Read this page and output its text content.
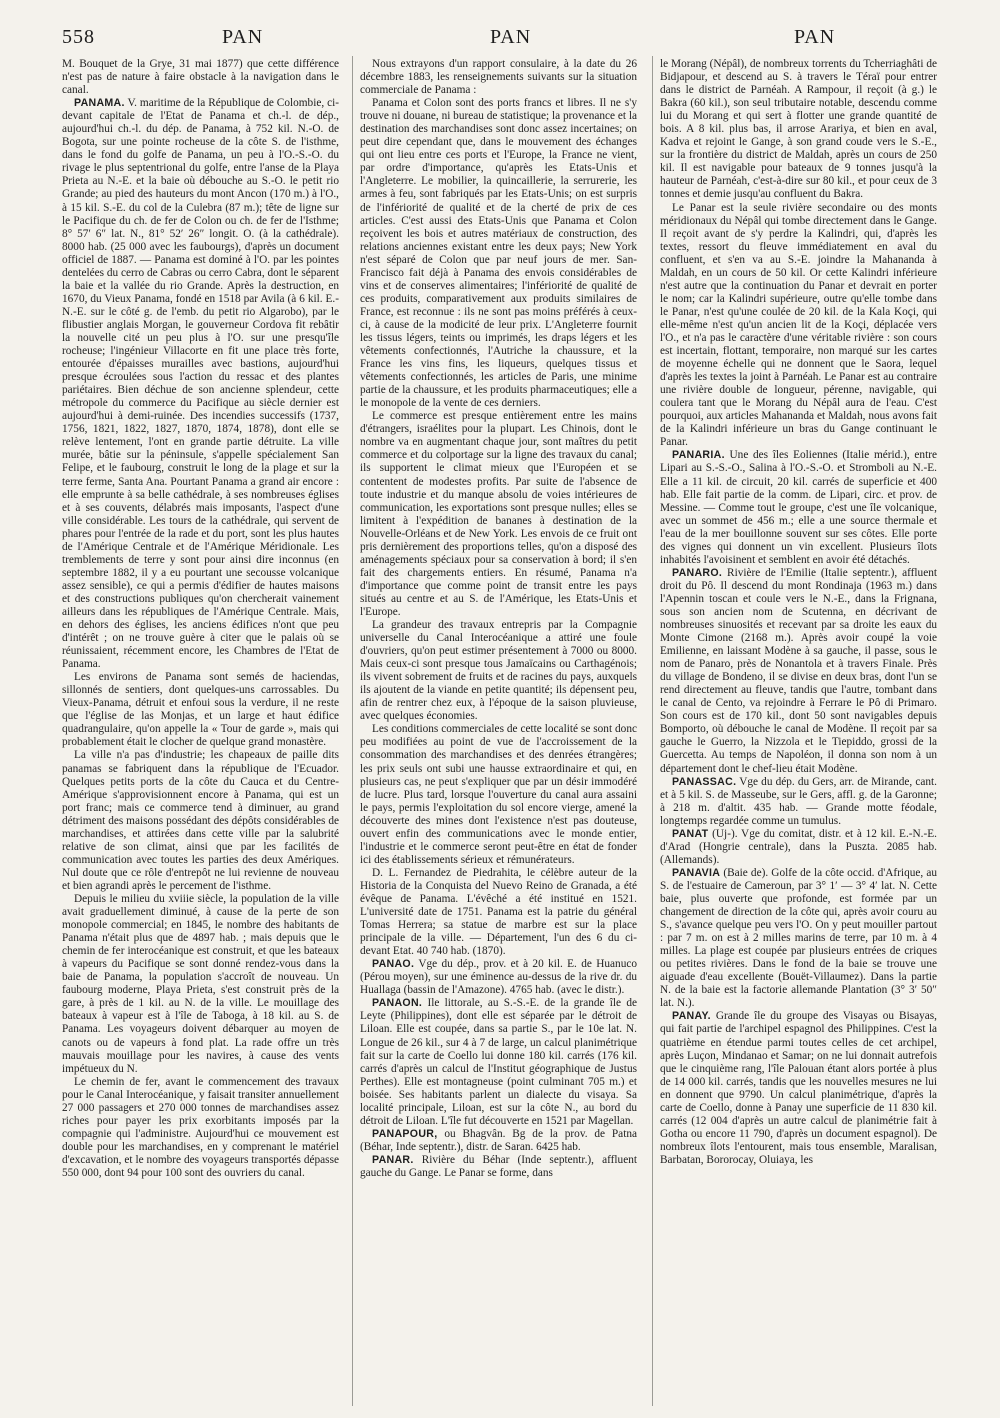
558	PAN	PAN	PAN

M. Bouquet de la Grye, 31 mai 1877) que cette différence n'est pas de nature à faire obstacle à la navigation dans le canal.

PANAMA. V. maritime de la République de Colombie, ci-devant capitale de l'Etat de Panama et ch.-l. de dép., aujourd'hui ch.-l. du dép. de Panama, à 752 kil. N.-O. de Bogota, sur une pointe rocheuse de la côte S. de l'isthme, dans le fond du golfe de Panama, un peu à l'O.-S.-O. du rivage le plus septentrional du golfe, entre l'anse de la Playa Prieta au N.-E. et la baie où débouche au S.-O. le petit rio Grande; au pied des hauteurs du mont Ancon (170 m.) à l'O., à 15 kil. S.-E. du col de la Culebra (87 m.); tête de ligne sur le Pacifique du ch. de fer de Colon ou ch. de fer de l'Isthme; 8° 57′ 6″ lat. N., 81° 52′ 26″ longit. O. (à la cathédrale). 8000 hab. (25 000 avec les faubourgs), d'après un document officiel de 1887. — Panama est dominé à l'O. par les pointes dentelées du cerro de Cabras ou cerro Cabra, dont le séparent la baie et la vallée du rio Grande. Après la destruction, en 1670, du Vieux Panama, fondé en 1518 par Avila (à 6 kil. E.-N.-E. sur le côté g. de l'emb. du petit rio Algarobo), par le flibustier anglais Morgan, le gouverneur Cordova fit rebâtir la nouvelle cité un peu plus à l'O. sur une presqu'île rocheuse; l'ingénieur Villacorte en fit une place très forte, entourée d'épaisses murailles avec bastions, aujourd'hui presque écroulées sous l'action du ressac et des plantes pariétaires. Bien déchue de son ancienne splendeur, cette métropole du commerce du Pacifique au siècle dernier est aujourd'hui à demi-ruinée. Des incendies successifs (1737, 1756, 1821, 1822, 1827, 1870, 1874, 1878), dont elle se relève lentement, l'ont en grande partie détruite. La ville murée, bâtie sur la péninsule, s'appelle spécialement San Felipe, et le faubourg, construit le long de la plage et sur la terre ferme, Santa Ana. Pourtant Panama a grand air encore : elle emprunte à sa belle cathédrale, à ses nombreuses églises et à ses couvents, délabrés mais imposants, l'aspect d'une ville considérable. Les tours de la cathédrale, qui servent de phares pour l'entrée de la rade et du port, sont les plus hautes de l'Amérique Centrale et de l'Amérique Méridionale. Les tremblements de terre y sont pour ainsi dire inconnus (en septembre 1882, il y a eu pourtant une secousse volcanique assez sensible), ce qui a permis d'édifier de hautes maisons et des constructions publiques qu'on chercherait vainement ailleurs dans les républiques de l'Amérique Centrale. Mais, en dehors des églises, les anciens édifices n'ont que peu d'intérêt ; on ne trouve guère à citer que le palais où se réunissaient, récemment encore, les Chambres de l'Etat de Panama.

Les environs de Panama sont semés de haciendas, sillonnés de sentiers, dont quelques-uns carrossables. Du Vieux-Panama, détruit et enfoui sous la verdure, il ne reste que l'église de las Monjas, et un large et haut édifice quadrangulaire, qu'on appelle la « Tour de garde », mais qui probablement était le clocher de quelque grand monastère.

La ville n'a pas d'industrie; les chapeaux de paille dits panamas se fabriquent dans la république de l'Ecuador. Quelques petits ports de la côte du Cauca et du Centre-Amérique s'approvisionnent encore à Panama, qui est un port franc; mais ce commerce tend à diminuer, au grand détriment des maisons possédant des dépôts considérables de marchandises, et attirées dans cette ville par la salubrité relative de son climat, ainsi que par les facilités de communication avec toutes les parties des deux Amériques. Nul doute que ce rôle d'entrepôt ne lui revienne de nouveau et bien agrandi après le percement de l'isthme.

Depuis le milieu du xviiie siècle, la population de la ville avait graduellement diminué, à cause de la perte de son monopole commercial; en 1845, le nombre des habitants de Panama n'était plus que de 4897 hab. ; mais depuis que le chemin de fer interocéanique est construit, et que les bateaux à vapeurs du Pacifique se sont donné rendez-vous dans la baie de Panama, la population s'accroît de nouveau. Un faubourg moderne, Playa Prieta, s'est construit près de la gare, à près de 1 kil. au N. de la ville. Le mouillage des bateaux à vapeur est à l'île de Taboga, à 18 kil. au S. de Panama. Les voyageurs doivent débarquer au moyen de canots ou de vapeurs à fond plat. La rade offre un très mauvais mouillage pour les navires, à cause des vents impétueux du N.

Le chemin de fer, avant le commencement des travaux pour le Canal Interocéanique, y faisait transiter annuellement 27 000 passagers et 270 000 tonnes de marchandises assez riches pour payer les prix exorbitants imposés par la compagnie qui l'administre. Aujourd'hui ce mouvement est double pour les marchandises, en y comprenant le matériel d'excavation, et le nombre des voyageurs transportés dépasse 550 000, dont 94 pour 100 sont des ouvriers du canal.

Nous extrayons d'un rapport consulaire, à la date du 26 décembre 1883, les renseignements suivants sur la situation commerciale de Panama :

Panama et Colon sont des ports francs et libres. Il ne s'y trouve ni douane, ni bureau de statistique; la provenance et la destination des marchandises sont donc assez incertaines; on peut dire cependant que, dans le mouvement des échanges qui ont lieu entre ces ports et l'Europe, la France ne vient, par ordre d'importance, qu'après les Etats-Unis et l'Angleterre. Le mobilier, la quincaillerie, la serrurerie, les armes à feu, sont fabriqués par les Etats-Unis; on est surpris de l'infériorité de qualité et de la cherté de prix de ces articles. C'est aussi des Etats-Unis que Panama et Colon reçoivent les bois et autres matériaux de construction, des relations anciennes existant entre les deux pays; New York n'est séparé de Colon que par neuf jours de mer. San-Francisco fait déjà à Panama des envois considérables de vins et de conserves alimentaires; l'infériorité de qualité de ces produits, comparativement aux produits similaires de France, est reconnue : ils ne sont pas moins préférés à ceux-ci, à cause de la modicité de leur prix. L'Angleterre fournit les tissus légers, teints ou imprimés, les draps légers et les vêtements confectionnés, l'Autriche la chaussure, et la France les vins fins, les liqueurs, quelques tissus et vêtements confectionnés, les articles de Paris, une minime partie de la chaussure, et les produits pharmaceutiques; elle a le monopole de la vente de ces derniers.

Le commerce est presque entièrement entre les mains d'étrangers, israélites pour la plupart. Les Chinois, dont le nombre va en augmentant chaque jour, sont maîtres du petit commerce et du colportage sur la ligne des travaux du canal; ils supportent le climat mieux que l'Européen et se contentent de modestes profits. Par suite de l'absence de toute industrie et du manque absolu de voies intérieures de communication, les exportations sont presque nulles; elles se limitent à l'expédition de bananes à destination de la Nouvelle-Orléans et de New York. Les envois de ce fruit ont pris dernièrement des proportions telles, qu'on a disposé des aménagements spéciaux pour sa conservation à bord; il s'en fait des chargements entiers. En résumé, Panama n'a d'importance que comme point de transit entre les pays situés au centre et au S. de l'Amérique, les Etats-Unis et l'Europe.

La grandeur des travaux entrepris par la Compagnie universelle du Canal Interocéanique a attiré une foule d'ouvriers, qu'on peut estimer présentement à 7000 ou 8000. Mais ceux-ci sont presque tous Jamaïcains ou Carthagénois; ils vivent sobrement de fruits et de racines du pays, auxquels ils ajoutent de la viande en petite quantité; ils dépensent peu, afin de rentrer chez eux, à l'époque de la saison pluvieuse, avec quelques économies.

Les conditions commerciales de cette localité se sont donc peu modifiées au point de vue de l'accroissement de la consommation des marchandises et des denrées étrangères; les prix seuls ont subi une hausse extraordinaire et qui, en plusieurs cas, ne peut s'expliquer que par un désir immodéré de lucre. Plus tard, lorsque l'ouverture du canal aura assaini le pays, permis l'exploitation du sol encore vierge, amené la découverte des mines dont l'existence n'est pas douteuse, ouvert enfin des communications avec le monde entier, l'industrie et le commerce seront peut-être en état de fonder ici des établissements sérieux et rémunérateurs.

D. L. Fernandez de Piedrahita, le célèbre auteur de la Historia de la Conquista del Nuevo Reino de Granada, a été évêque de Panama. L'évêché a été institué en 1521. L'université date de 1751. Panama est la patrie du général Tomas Herrera; sa statue de marbre est sur la place principale de la ville. — Département, l'un des 6 du ci-devant Etat. 40 740 hab. (1870).

PANAO. Vge du dép., prov. et à 20 kil. E. de Huanuco (Pérou moyen), sur une éminence au-dessus de la rive dr. du Huallaga (bassin de l'Amazone). 4765 hab. (avec le distr.).

PANAON. Ile littorale, au S.-S.-E. de la grande île de Leyte (Philippines), dont elle est séparée par le détroit de Liloan. Elle est coupée, dans sa partie S., par le 10e lat. N. Longue de 26 kil., sur 4 à 7 de large, un calcul planimétrique fait sur la carte de Coello lui donne 180 kil. carrés (176 kil. carrés d'après un calcul de l'Institut géographique de Justus Perthes). Elle est montagneuse (point culminant 705 m.) et boisée. Ses habitants parlent un dialecte du visaya. Sa localité principale, Liloan, est sur la côte N., au bord du détroit de Liloan. L'île fut découverte en 1521 par Magellan.

PANAPOUR, ou Bhagvân. Bg de la prov. de Patna (Béhar, Inde septentr.), distr. de Saran. 6425 hab.

PANAR. Rivière du Béhar (Inde septentr.), affluent gauche du Gange. Le Panar se forme, dans

le Morang (Népâl), de nombreux torrents du Tcherriaghâti de Bidjapour, et descend au S. à travers le Téraï pour entrer dans le district de Parnéah. A Rampour, il reçoit (à g.) le Bakra (60 kil.), son seul tributaire notable, descendu comme lui du Morang et qui sert à flotter une grande quantité de bois. A 8 kil. plus bas, il arrose Arariya, et bien en aval, Kadva et rejoint le Gange, à son grand coude vers le S.-E., sur la frontière du district de Maldah, après un cours de 250 kil. Il est navigable pour bateaux de 9 tonnes jusqu'à la hauteur de Parnéah, c'est-à-dire sur 80 kil., et pour ceux de 3 tonnes et demie jusqu'au confluent du Bakra.

Le Panar est la seule rivière secondaire ou des monts méridionaux du Népâl qui tombe directement dans le Gange. Il reçoit avant de s'y perdre la Kalindri, qui, d'après les textes, ressort du fleuve immédiatement en aval du confluent, et s'en va au S.-E. joindre la Mahananda à Maldah, en un cours de 50 kil. Or cette Kalindri inférieure n'est autre que la continuation du Panar et devrait en porter le nom; car la Kalindri supérieure, outre qu'elle tombe dans le Panar, n'est qu'une coulée de 20 kil. de la Kala Koçi, qui elle-même n'est qu'un ancien lit de la Koçi, déplacée vers l'O., et n'a pas le caractère d'une véritable rivière : son cours est incertain, flottant, temporaire, non marqué sur les cartes de moyenne échelle qui ne donnent que le Saora, lequel d'après les textes la joint à Parnéah. Le Panar est au contraire une rivière double de longueur, pérenne, navigable, qui coulera tant que le Morang du Népâl aura de l'eau. C'est pourquoi, aux articles Mahananda et Maldah, nous avons fait de la Kalindri inférieure un bras du Gange continuant le Panar.

PANARIA. Une des îles Eoliennes (Italie mérid.), entre Lipari au S.-S.-O., Salina à l'O.-S.-O. et Stromboli au N.-E. Elle a 11 kil. de circuit, 20 kil. carrés de superficie et 400 hab. Elle fait partie de la comm. de Lipari, circ. et prov. de Messine. — Comme tout le groupe, c'est une île volcanique, avec un sommet de 456 m.; elle a une source thermale et l'eau de la mer bouillonne souvent sur ses côtes. Elle porte des vignes qui donnent un vin excellent. Plusieurs îlots inhabités l'avoisinent et semblent en avoir été détachés.

PANARO. Rivière de l'Emilie (Italie septentr.), affluent droit du Pô. Il descend du mont Rondinaja (1963 m.) dans l'Apennin toscan et coule vers le N.-E., dans la Frignana, sous son ancien nom de Scutenna, en décrivant de nombreuses sinuosités et recevant par sa droite les eaux du Monte Cimone (2168 m.). Après avoir coupé la voie Emilienne, en laissant Modène à sa gauche, il passe, sous le nom de Panaro, près de Nonantola et à travers Finale. Près du village de Bondeno, il se divise en deux bras, dont l'un se rend directement au fleuve, tandis que l'autre, tombant dans le canal de Cento, va rejoindre à Ferrare le Pô di Primaro. Son cours est de 170 kil., dont 50 sont navigables depuis Bomporto, où débouche le canal de Modène. Il reçoit par sa gauche le Guerro, la Nizzola et le Tiepiddo, grossi de la Guercetta. Au temps de Napoléon, il donna son nom à un département dont le chef-lieu était Modène.

PANASSAC. Vge du dép. du Gers, arr. de Mirande, cant. et à 5 kil. S. de Masseube, sur le Gers, affl. g. de la Garonne; à 218 m. d'altit. 435 hab. — Grande motte féodale, longtemps regardée comme un tumulus.

PANAT (Uj-). Vge du comitat, distr. et à 12 kil. E.-N.-E. d'Arad (Hongrie centrale), dans la Puszta. 2085 hab. (Allemands).

PANAVIA (Baie de). Golfe de la côte occid. d'Afrique, au S. de l'estuaire de Cameroun, par 3° 1′ — 3° 4′ lat. N. Cette baie, plus ouverte que profonde, est formée par un changement de direction de la côte qui, après avoir couru au S., s'avance quelque peu vers l'O. On y peut mouiller partout : par 7 m. on est à 2 milles marins de terre, par 10 m. à 4 milles. La plage est coupée par plusieurs entrées de criques ou petites rivières. Dans le fond de la baie se trouve une aiguade d'eau excellente (Bouët-Villaumez). Dans la partie N. de la baie est la factorie allemande Plantation (3° 3′ 50″ lat. N.).

PANAY. Grande île du groupe des Visayas ou Bisayas, qui fait partie de l'archipel espagnol des Philippines. C'est la quatrième en étendue parmi toutes celles de cet archipel, après Luçon, Mindanao et Samar; on ne lui donnait autrefois que le cinquième rang, l'île Palouan étant alors portée à plus de 14 000 kil. carrés, tandis que les nouvelles mesures ne lui en donnent que 9790. Un calcul planimétrique, d'après la carte de Coello, donne à Panay une superficie de 11 830 kil. carrés (12 004 d'après un autre calcul de planimétrie fait à Gotha ou encore 11 790, d'après un document espagnol). De nombreux îlots l'entourent, mais tous ensemble, Maralisan, Barbatan, Bororocay, Oluiaya, les
